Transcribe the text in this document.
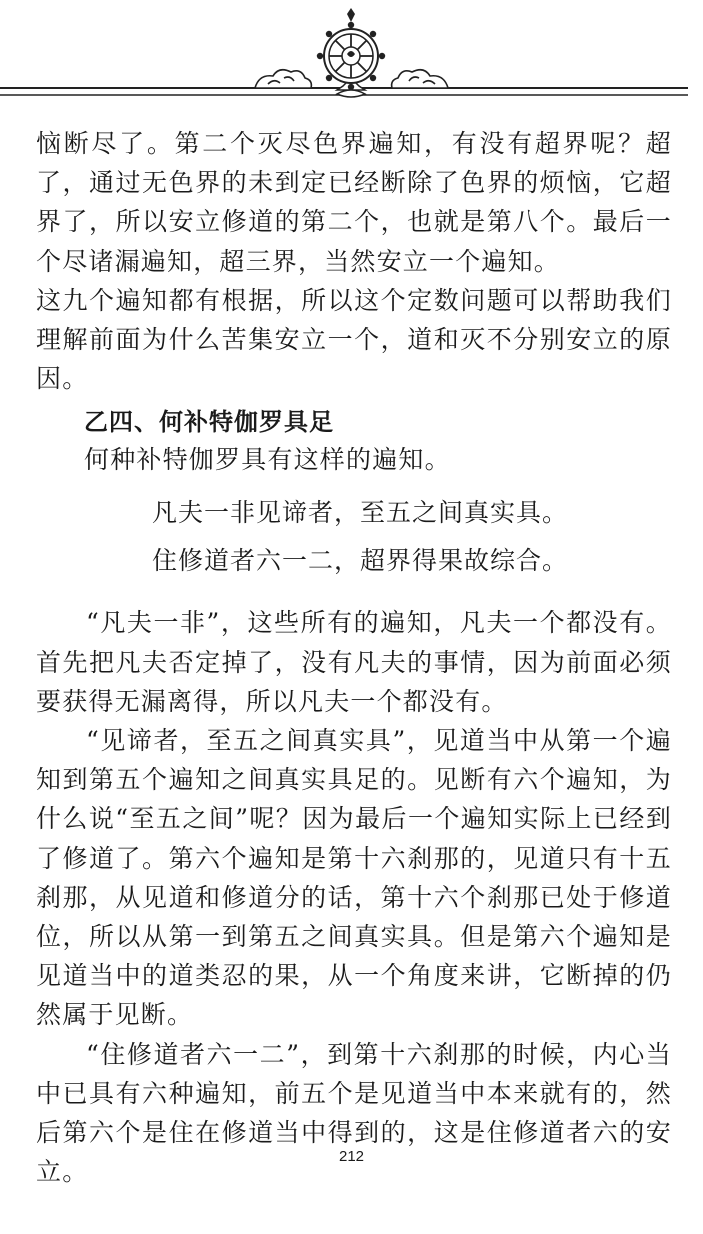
恼断尽了。第二个灭尽色界遍知，有没有超界呢？超了，通过无色界的未到定已经断除了色界的烦恼，它超界了，所以安立修道的第二个，也就是第八个。最后一个尽诸漏遍知，超三界，当然安立一个遍知。

这九个遍知都有根据，所以这个定数问题可以帮助我们理解前面为什么苦集安立一个，道和灭不分别安立的原因。

乙四、何补特伽罗具足
何种补特伽罗具有这样的遍知。
凡夫一非见谛者，至五之间真实具。
住修道者六一二，超界得果故综合。

“凡夫一非”，这些所有的遍知，凡夫一个都没有。首先把凡夫否定掉了，没有凡夫的事情，因为前面必须要获得无漏离得，所以凡夫一个都没有。

“见谛者，至五之间真实具”，见道当中从第一个遍知到第五个遍知之间真实具足的。见断有六个遍知，为什么说“至五之间”呢？因为最后一个遍知实际上已经到了修道了。第六个遍知是第十六刹那的，见道只有十五刹那，从见道和修道分的话，第十六个刹那已处于修道位，所以从第一到第五之间真实具。但是第六个遍知是见道当中的道类忍的果，从一个角度来讲，它断掉的仍然属于见断。

“住修道者六一二”，到第十六刹那的时候，内心当中已具有六种遍知，前五个是见道当中本来就有的，然后第六个是住在修道当中得到的，这是住修道者六的安立。

212
